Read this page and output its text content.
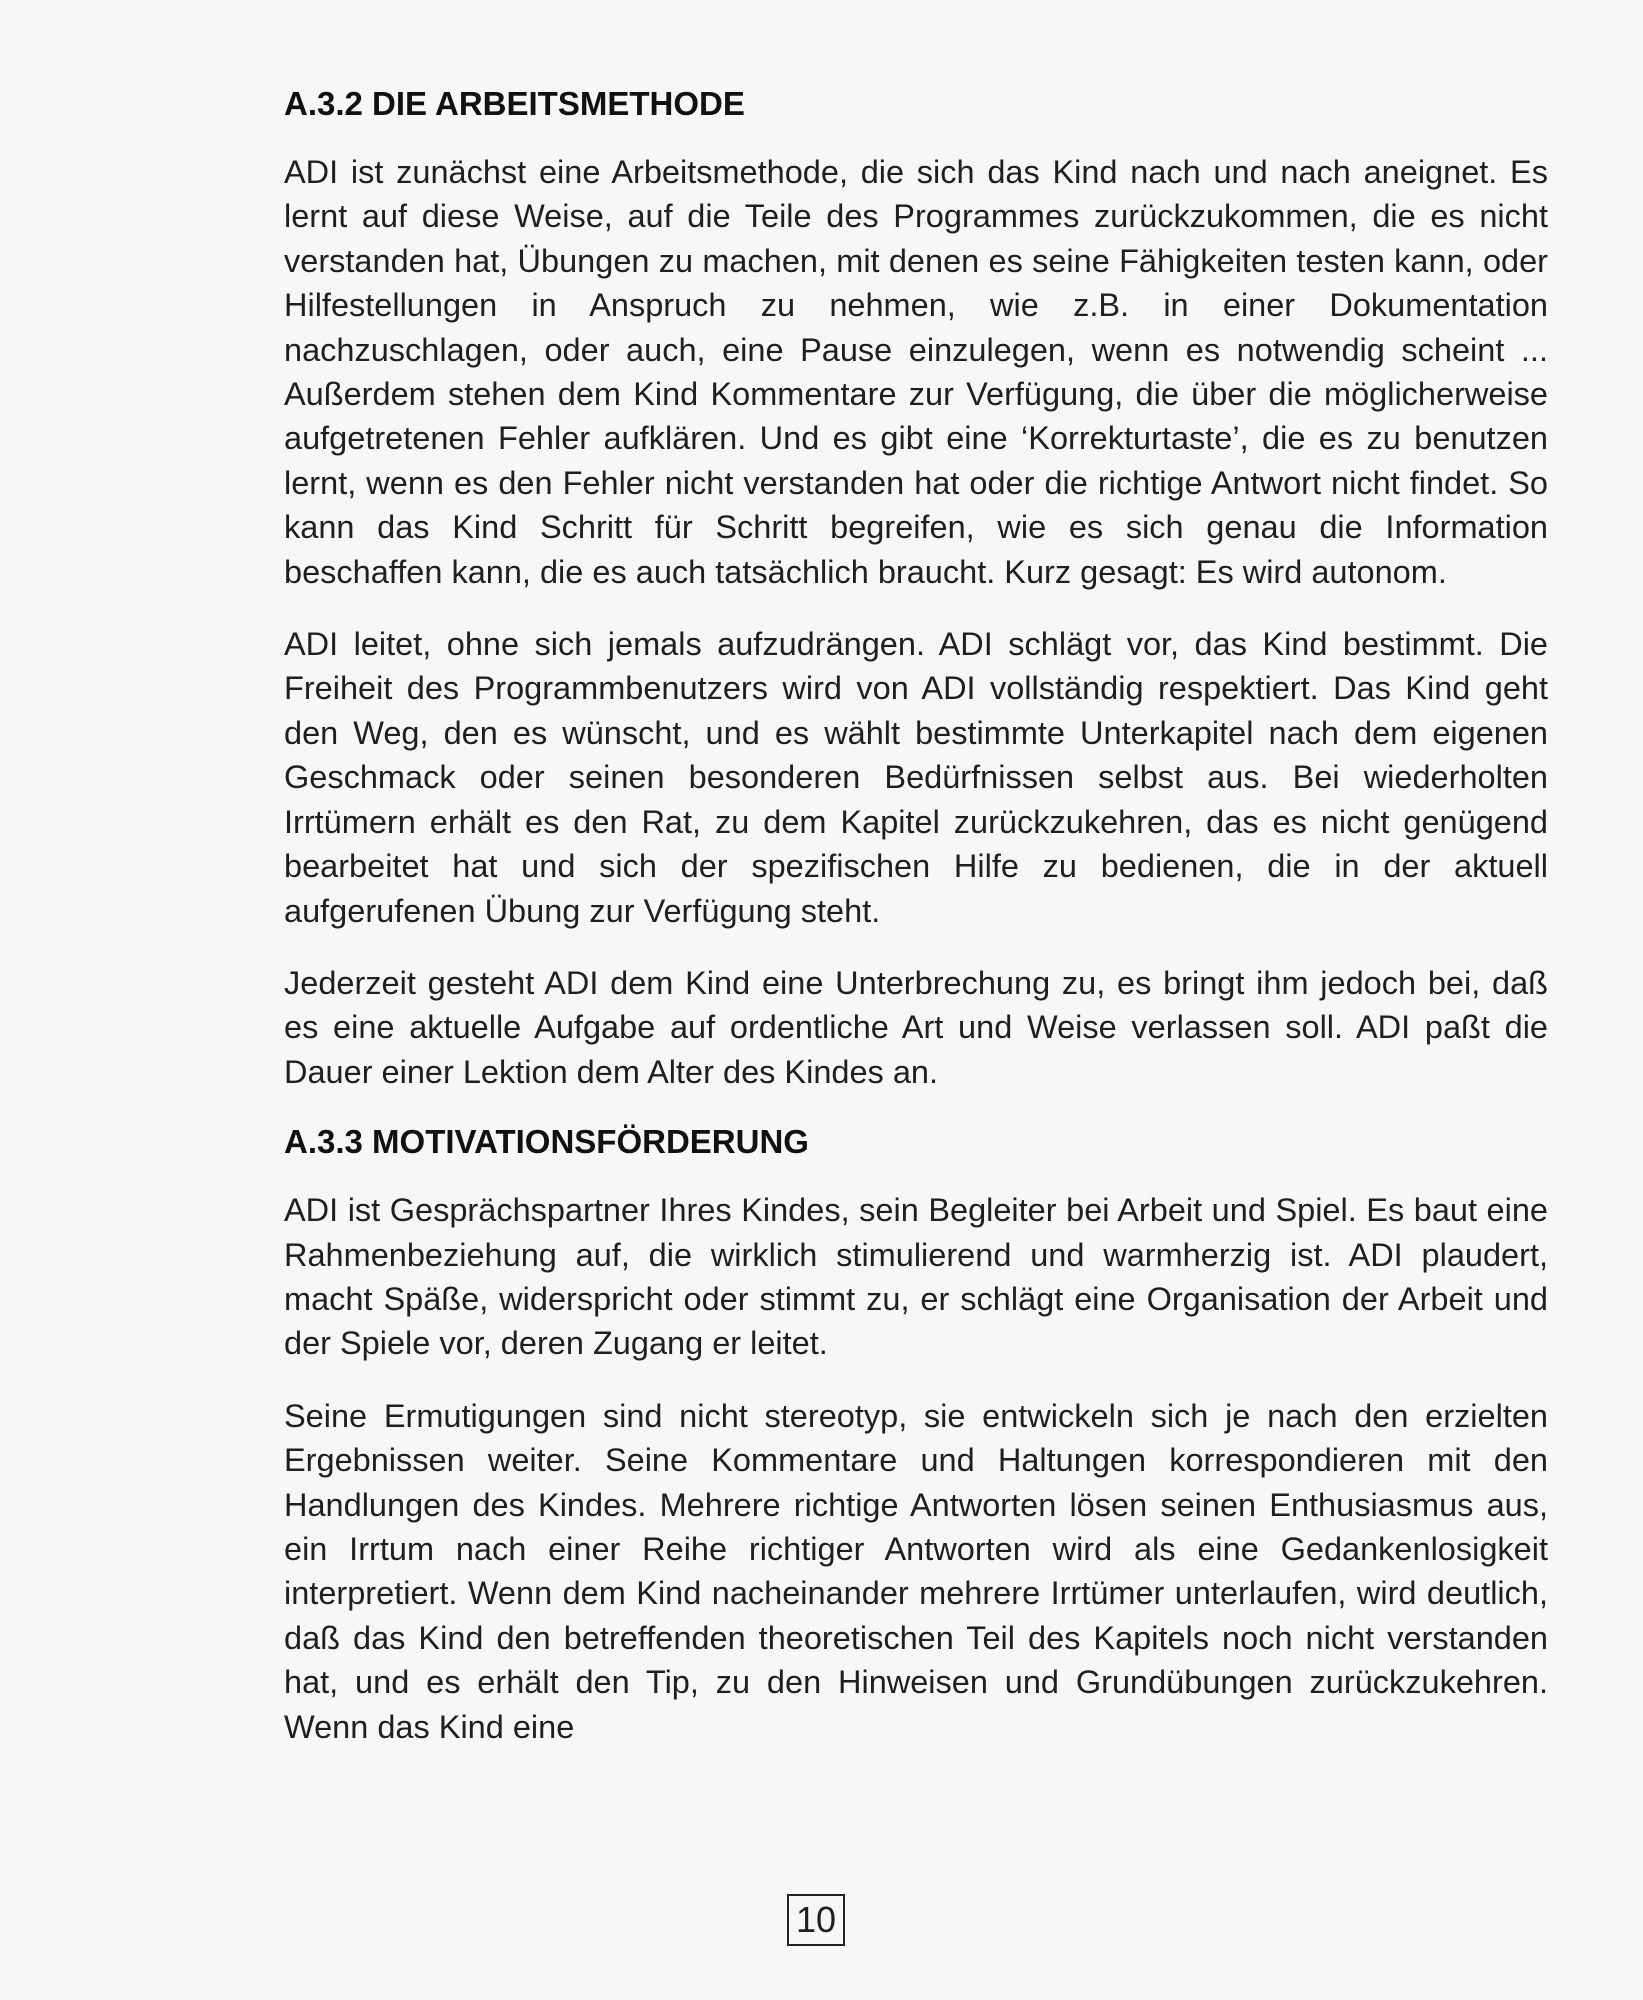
A.3.2 DIE ARBEITSMETHODE

ADI ist zunächst eine Arbeitsmethode, die sich das Kind nach und nach aneignet. Es lernt auf diese Weise, auf die Teile des Programmes zurückzukommen, die es nicht verstanden hat, Übungen zu machen, mit denen es seine Fähigkeiten testen kann, oder Hilfestellungen in Anspruch zu nehmen, wie z.B. in einer Dokumentation nachzuschlagen, oder auch, eine Pause einzulegen, wenn es notwendig scheint ... Außerdem stehen dem Kind Kommentare zur Verfügung, die über die möglicherweise aufgetretenen Fehler aufklären. Und es gibt eine ‘Korrekturtaste’, die es zu benutzen lernt, wenn es den Fehler nicht verstanden hat oder die richtige Antwort nicht findet. So kann das Kind Schritt für Schritt begreifen, wie es sich genau die Information beschaffen kann, die es auch tatsächlich braucht. Kurz gesagt: Es wird autonom.

ADI leitet, ohne sich jemals aufzudrängen. ADI schlägt vor, das Kind bestimmt. Die Freiheit des Programmbenutzers wird von ADI vollständig respektiert. Das Kind geht den Weg, den es wünscht, und es wählt bestimmte Unterkapitel nach dem eigenen Geschmack oder seinen besonderen Bedürfnissen selbst aus. Bei wiederholten Irrtümern erhält es den Rat, zu dem Kapitel zurückzukehren, das es nicht genügend bearbeitet hat und sich der spezifischen Hilfe zu bedienen, die in der aktuell aufgerufenen Übung zur Verfügung steht.

Jederzeit gesteht ADI dem Kind eine Unterbrechung zu, es bringt ihm jedoch bei, daß es eine aktuelle Aufgabe auf ordentliche Art und Weise verlassen soll. ADI paßt die Dauer einer Lektion dem Alter des Kindes an.

A.3.3 MOTIVATIONSFÖRDERUNG

ADI ist Gesprächspartner Ihres Kindes, sein Begleiter bei Arbeit und Spiel. Es baut eine Rahmenbeziehung auf, die wirklich stimulierend und warmherzig ist. ADI plaudert, macht Späße, widerspricht oder stimmt zu, er schlägt eine Organisation der Arbeit und der Spiele vor, deren Zugang er leitet.

Seine Ermutigungen sind nicht stereotyp, sie entwickeln sich je nach den erzielten Ergebnissen weiter. Seine Kommentare und Haltungen korrespondieren mit den Handlungen des Kindes. Mehrere richtige Antworten lösen seinen Enthusiasmus aus, ein Irrtum nach einer Reihe richtiger Antworten wird als eine Gedankenlosigkeit interpretiert. Wenn dem Kind nacheinander mehrere Irrtümer unterlaufen, wird deutlich, daß das Kind den betreffenden theoretischen Teil des Kapitels noch nicht verstanden hat, und es erhält den Tip, zu den Hinweisen und Grundübungen zurückzukehren. Wenn das Kind eine

10
